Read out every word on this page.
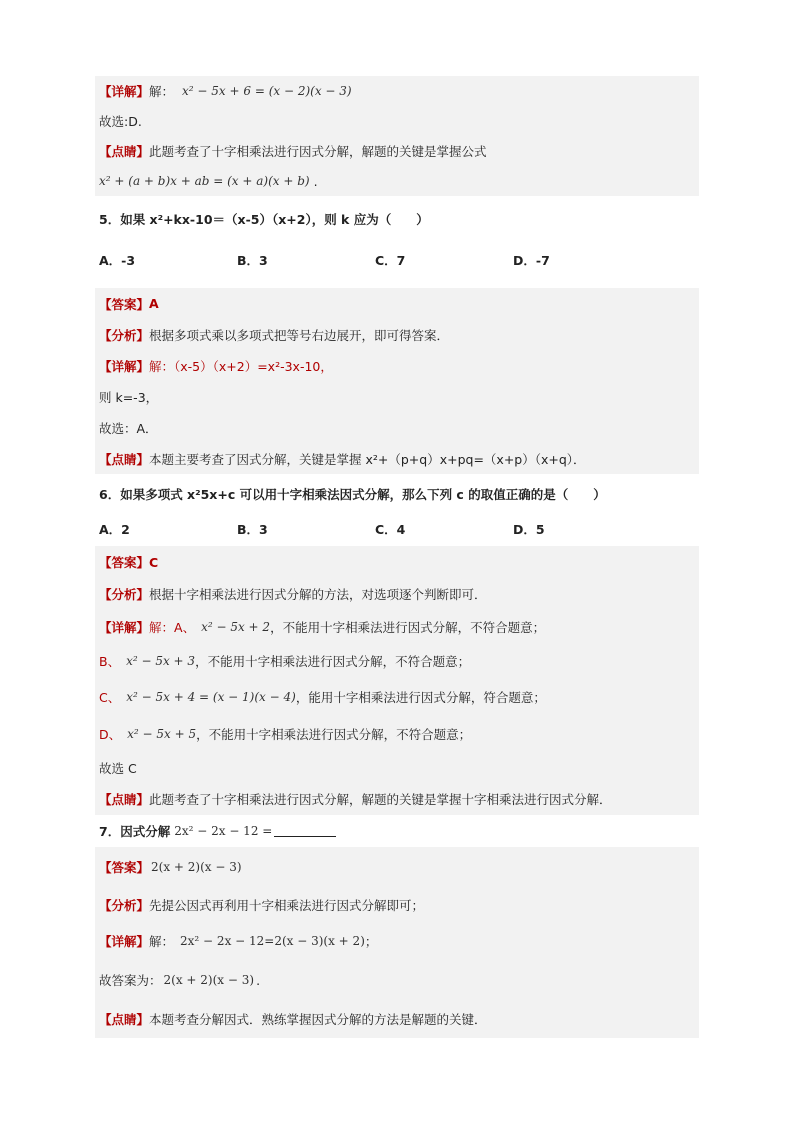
【详解】 解： x² − 5x + 6 = (x − 2)(x − 3)
故选:D.
【点睛】 此题考查了十字相乘法进行因式分解，解题的关键是掌握公式
x² + (a + b)x + ab = (x + a)(x + b) .
5．如果 x²+kx-10＝（x-5）（x+2），则 k 应为（　　）
A．-3	B．3	C．7	D．-7
【答案】 A
【分析】 根据多项式乘以多项式把等号右边展开，即可得答案．
【详解】 解：（x-5）（x+2）=x²-3x-10，
则 k=-3，
故选：A．
【点睛】 本题主要考查了因式分解，关键是掌握 x²+（p+q）x+pq=（x+p）（x+q）．
6．如果多项式 x²5x+c 可以用十字相乘法因式分解，那么下列 c 的取值正确的是（　　）
A．2	B．3	C．4	D．5
【答案】 C
【分析】 根据十字相乘法进行因式分解的方法，对选项逐个判断即可．
【详解】 解：A、 x² − 5x + 2 ，不能用十字相乘法进行因式分解，不符合题意；
B、 x² − 5x + 3 ，不能用十字相乘法进行因式分解，不符合题意；
C、 x² − 5x + 4 = (x − 1)(x − 4) ，能用十字相乘法进行因式分解，符合题意；
D、 x² − 5x + 5 ，不能用十字相乘法进行因式分解，不符合题意；
故选 C
【点睛】 此题考查了十字相乘法进行因式分解，解题的关键是掌握十字相乘法进行因式分解．
7．因式分解 2x² − 2x − 12 =
【答案】 2(x + 2)(x − 3)
【分析】 先提公因式再利用十字相乘法进行因式分解即可；
【详解】 解： 2x² − 2x − 12=2(x − 3)(x + 2) ；
故答案为： 2(x + 2)(x − 3) .
【点睛】 本题考查分解因式．熟练掌握因式分解的方法是解题的关键．
